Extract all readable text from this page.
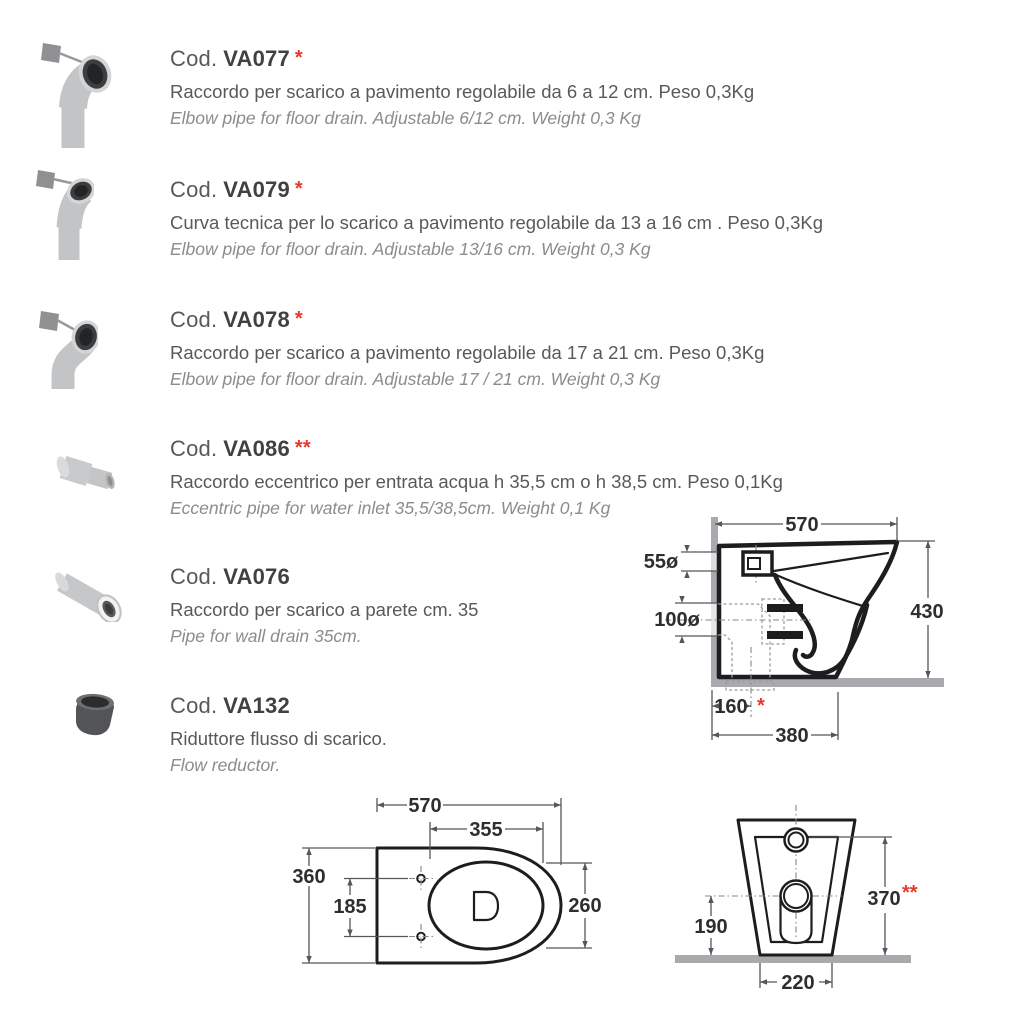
Cod. VA077 *

Raccordo per scarico a pavimento regolabile da 6 a 12 cm. Peso 0,3Kg

Elbow pipe for floor drain. Adjustable 6/12 cm. Weight 0,3 Kg

Cod. VA079 *

Curva tecnica per lo scarico a pavimento regolabile da 13 a 16 cm . Peso 0,3Kg

Elbow pipe for floor drain. Adjustable 13/16 cm. Weight 0,3 Kg

Cod. VA078 *

Raccordo per scarico a pavimento regolabile da 17 a 21 cm. Peso 0,3Kg

Elbow pipe for floor drain. Adjustable 17 / 21 cm. Weight 0,3 Kg

Cod. VA086 **

Raccordo eccentrico per entrata acqua h 35,5 cm o h 38,5 cm. Peso 0,1Kg

Eccentric pipe for water inlet 35,5/38,5cm. Weight 0,1 Kg

Cod. VA076

Raccordo per scarico a parete cm. 35

Pipe for wall drain 35cm.

Cod. VA132

Riduttore flusso di scarico.

Flow reductor.

570
430
55ø
100ø
160 *
380
570
355
360
185	260	370 **
190
220
